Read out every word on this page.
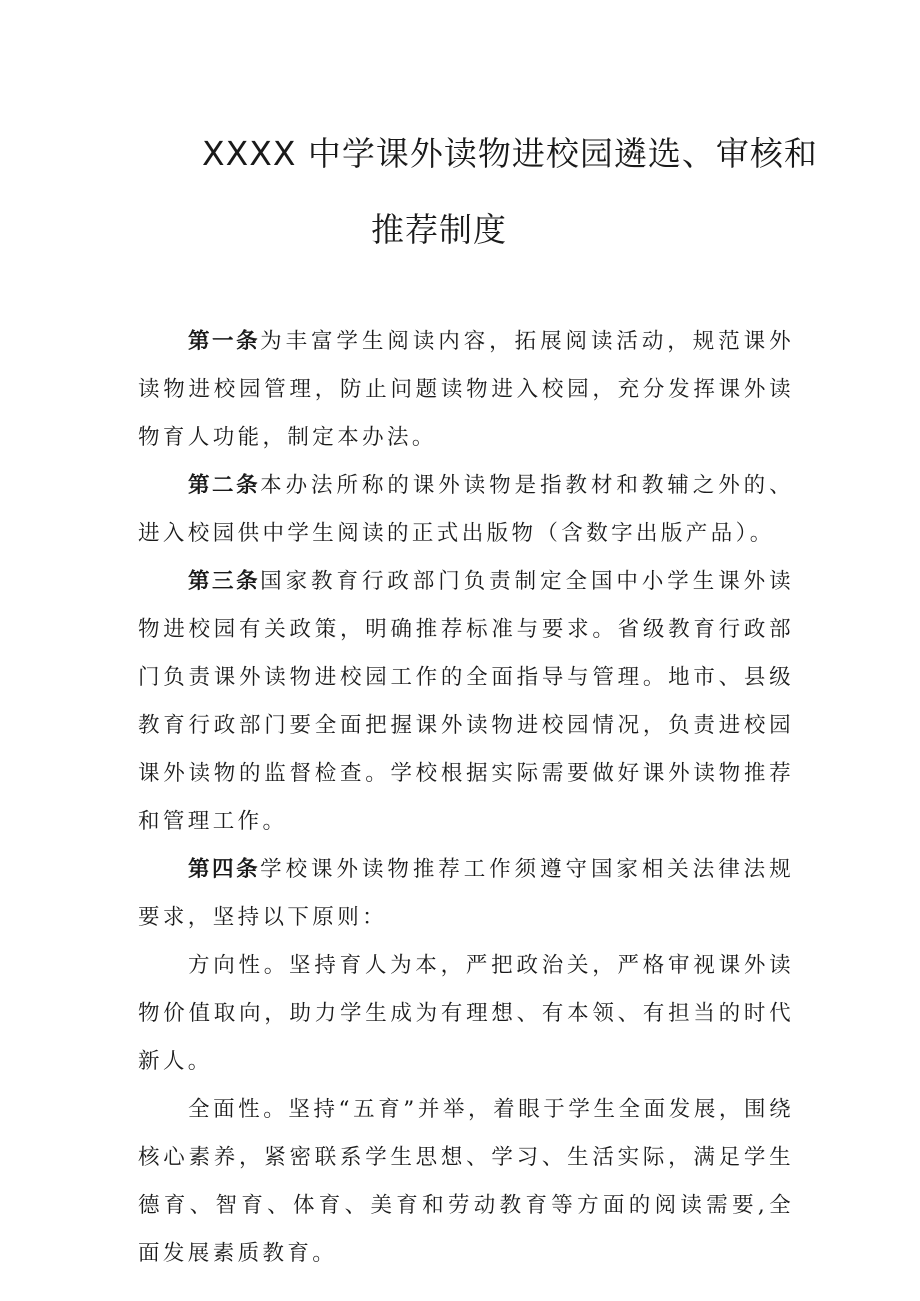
XXXX 中学课外读物进校园遴选、审核和
推荐制度

第一条为丰富学生阅读内容，拓展阅读活动，规范课外读物进校园管理，防止问题读物进入校园，充分发挥课外读物育人功能，制定本办法。

第二条本办法所称的课外读物是指教材和教辅之外的、进入校园供中学生阅读的正式出版物（含数字出版产品）。

第三条国家教育行政部门负责制定全国中小学生课外读物进校园有关政策，明确推荐标准与要求。省级教育行政部门负责课外读物进校园工作的全面指导与管理。地市、县级教育行政部门要全面把握课外读物进校园情况，负责进校园课外读物的监督检查。学校根据实际需要做好课外读物推荐和管理工作。

第四条学校课外读物推荐工作须遵守国家相关法律法规要求，坚持以下原则：

方向性。坚持育人为本，严把政治关，严格审视课外读物价值取向，助力学生成为有理想、有本领、有担当的时代新人。

全面性。坚持“五育”并举，着眼于学生全面发展，围绕核心素养，紧密联系学生思想、学习、生活实际，满足学生德育、智育、体育、美育和劳动教育等方面的阅读需要,全面发展素质教育。
